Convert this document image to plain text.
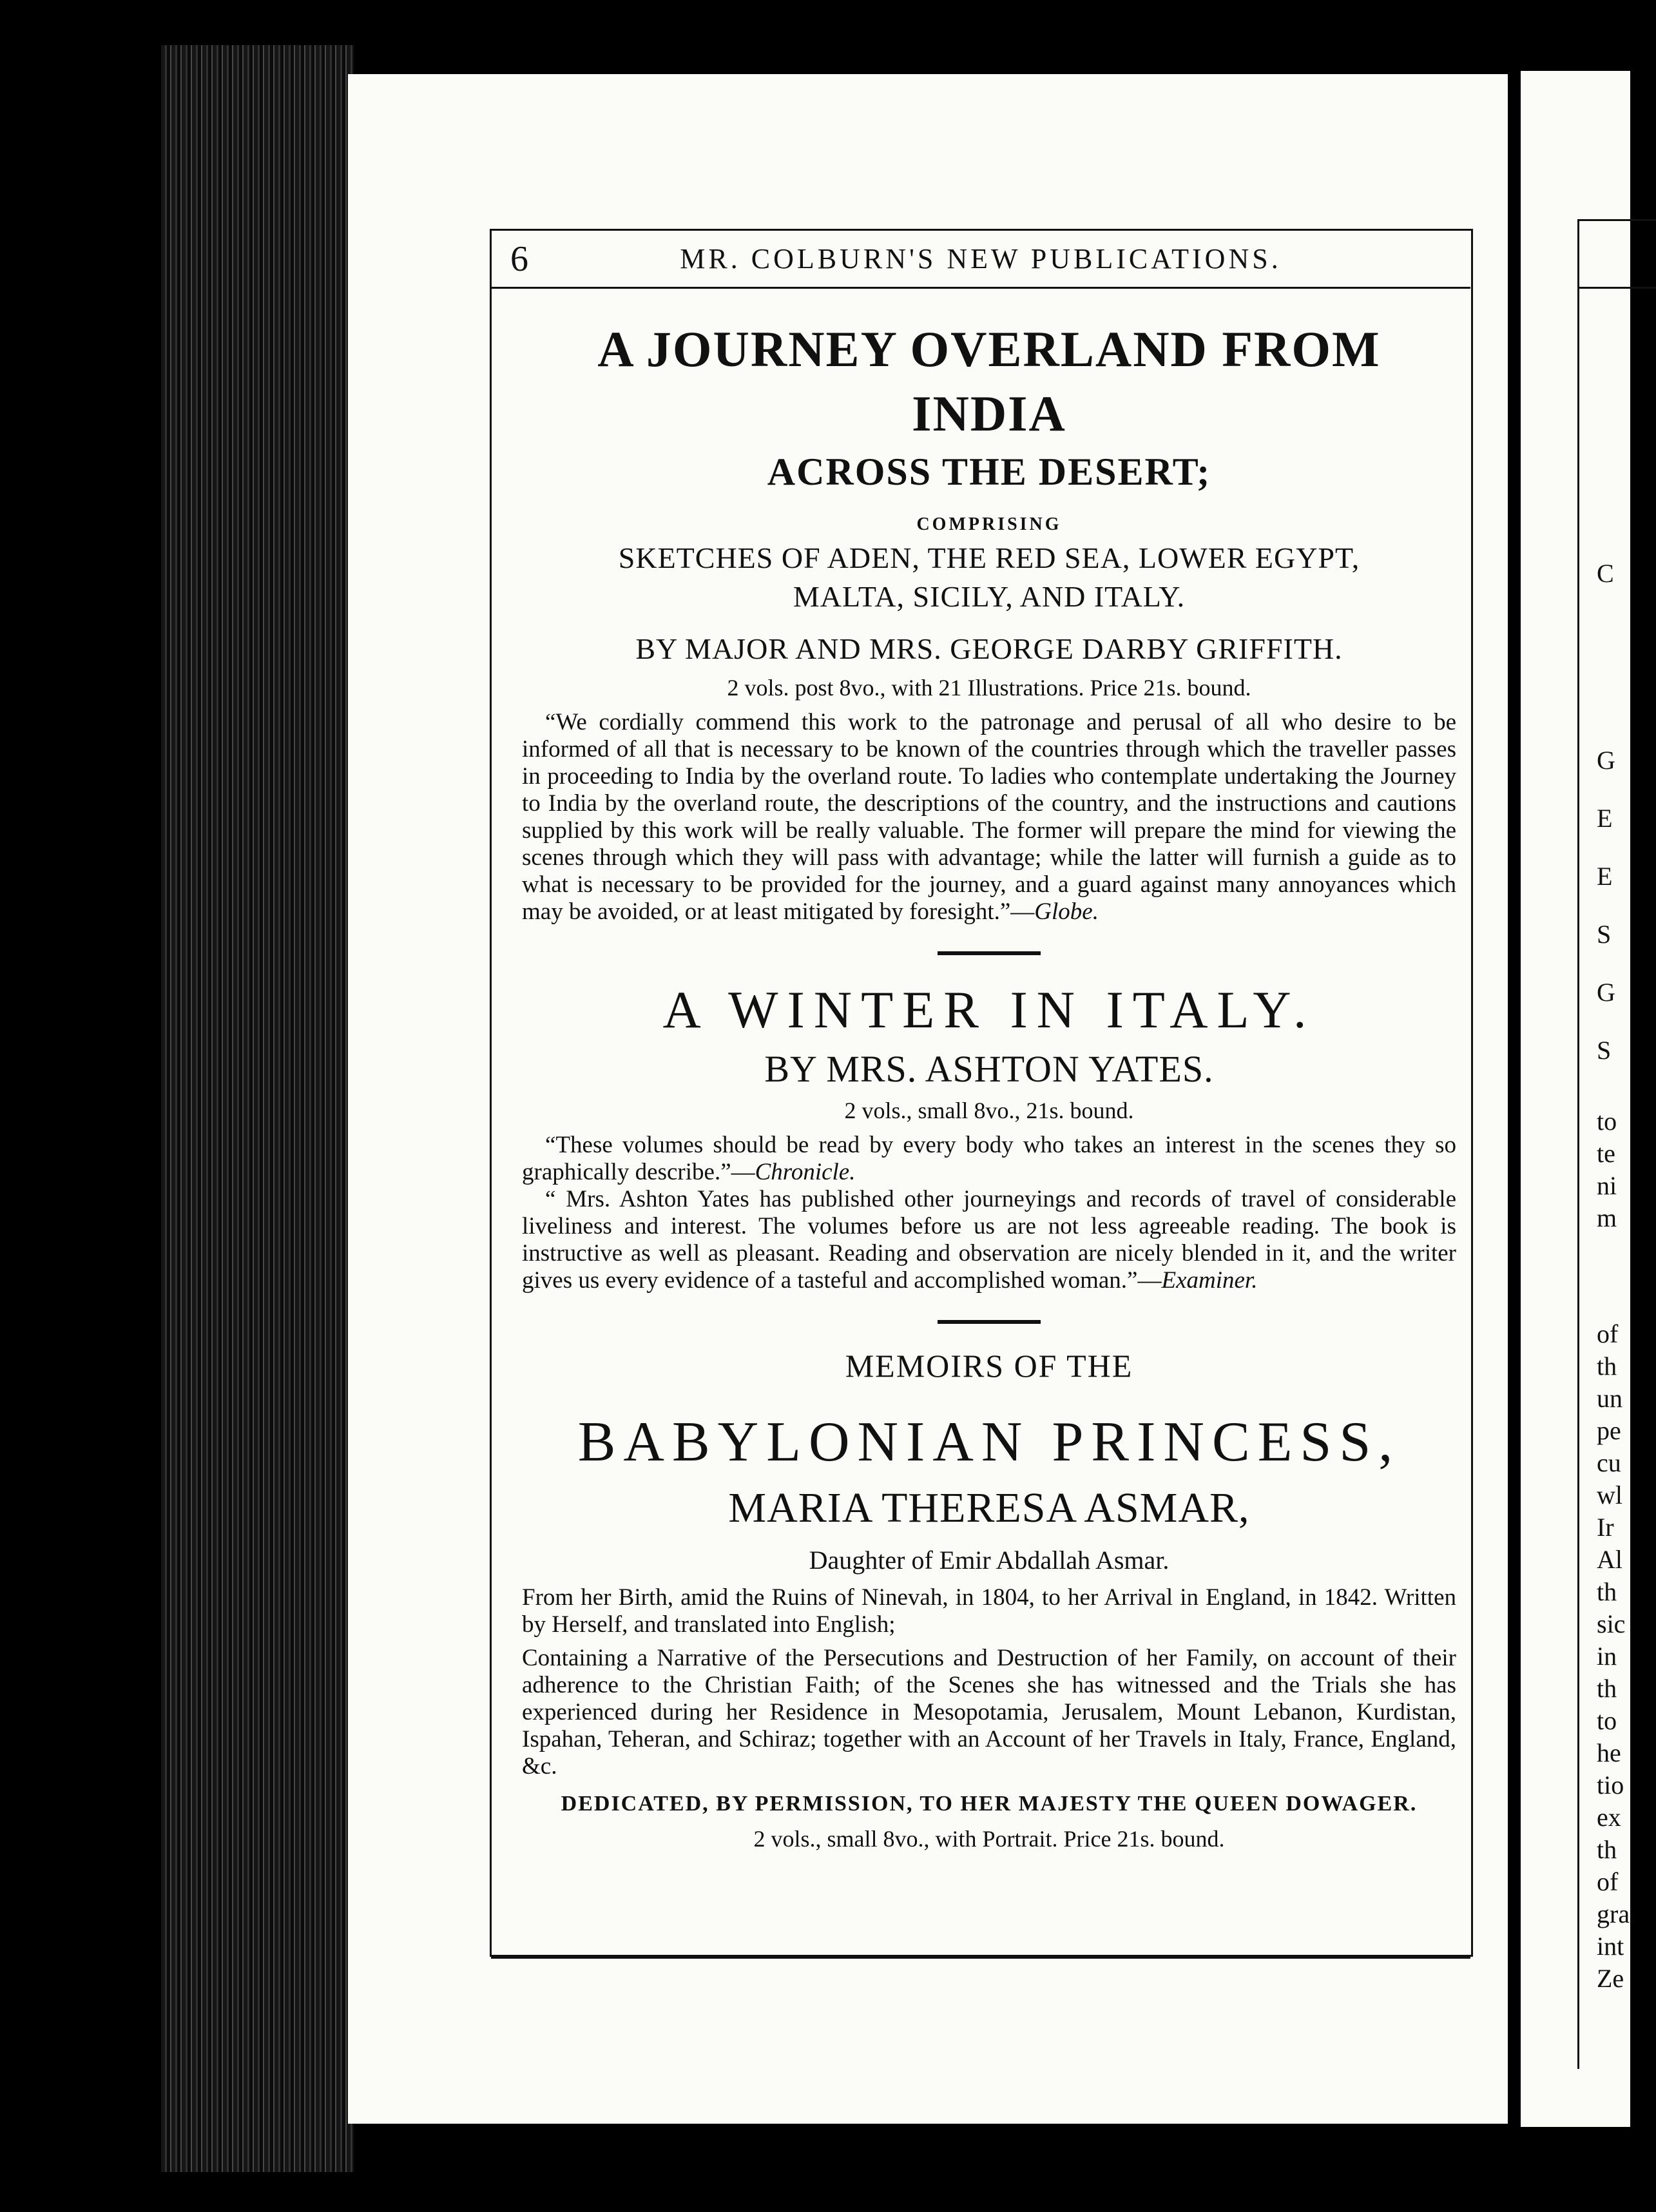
C
G
E
E
S
G
S
to
te
ni
m
of
th
un
pe
cu
wl
Ir
Al
th
sic
in
th
to
he
tio
ex
th
of
gra
int
Ze
6	MR. COLBURN'S NEW PUBLICATIONS.
A JOURNEY OVERLAND FROM INDIA
ACROSS THE DESERT;
COMPRISING
SKETCHES OF ADEN, THE RED SEA, LOWER EGYPT,
MALTA, SICILY, AND ITALY.
BY MAJOR AND MRS. GEORGE DARBY GRIFFITH.
2 vols. post 8vo., with 21 Illustrations. Price 21s. bound.

“We cordially commend this work to the patronage and perusal of all who desire to be informed of all that is necessary to be known of the countries through which the traveller passes in proceeding to India by the overland route. To ladies who contemplate undertaking the Journey to India by the overland route, the descriptions of the country, and the instructions and cautions supplied by this work will be really valuable. The former will prepare the mind for viewing the scenes through which they will pass with advantage; while the latter will furnish a guide as to what is necessary to be provided for the journey, and a guard against many annoyances which may be avoided, or at least mitigated by foresight.”—Globe.

A WINTER IN ITALY.
BY MRS. ASHTON YATES.
2 vols., small 8vo., 21s. bound.

“These volumes should be read by every body who takes an interest in the scenes they so graphically describe.”—Chronicle.

“ Mrs. Ashton Yates has published other journeyings and records of travel of considerable liveliness and interest. The volumes before us are not less agreeable reading. The book is instructive as well as pleasant. Reading and observation are nicely blended in it, and the writer gives us every evidence of a tasteful and accomplished woman.”—Examiner.

MEMOIRS OF THE
BABYLONIAN PRINCESS,
MARIA THERESA ASMAR,
Daughter of Emir Abdallah Asmar.

From her Birth, amid the Ruins of Ninevah, in 1804, to her Arrival in England, in 1842. Written by Herself, and translated into English;

Containing a Narrative of the Persecutions and Destruction of her Family, on account of their adherence to the Christian Faith; of the Scenes she has witnessed and the Trials she has experienced during her Residence in Mesopotamia, Jerusalem, Mount Lebanon, Kurdistan, Ispahan, Teheran, and Schiraz; together with an Account of her Travels in Italy, France, England, &c.

DEDICATED, BY PERMISSION, TO HER MAJESTY THE QUEEN DOWAGER.
2 vols., small 8vo., with Portrait. Price 21s. bound.
